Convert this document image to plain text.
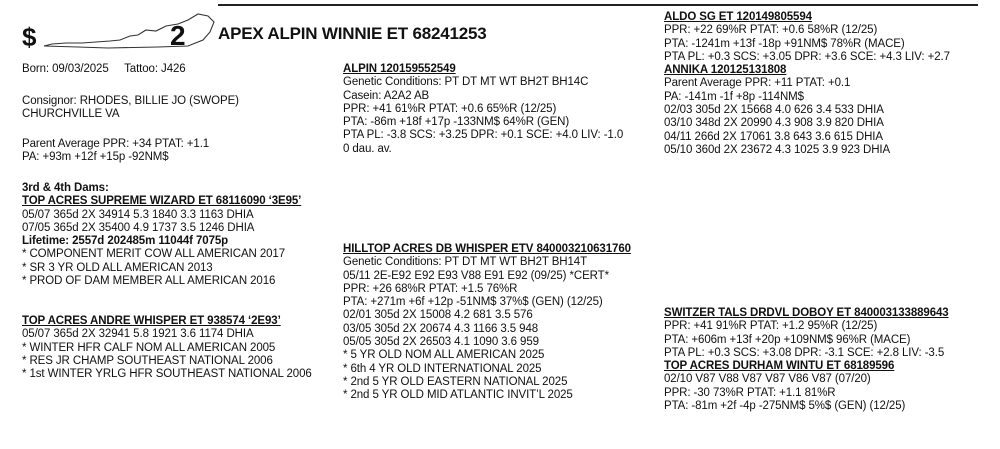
$	2 APEX ALPIN WINNIE ET 68241253
Born: 09/03/2025 Tattoo: J426
Consignor: RHODES, BILLIE JO (SWOPE)
CHURCHVILLE VA
Parent Average PPR: +34 PTAT: +1.1
PA: +93m +12f +15p -92NM$
3rd & 4th Dams:
TOP ACRES SUPREME WIZARD ET 68116090 ‘3E95’
05/07 365d 2X 34914 5.3 1840 3.3 1163 DHIA
07/05 365d 2X 35400 4.9 1737 3.5 1246 DHIA
Lifetime: 2557d 202485m 11044f 7075p
* COMPONENT MERIT COW ALL AMERICAN 2017
* SR 3 YR OLD ALL AMERICAN 2013
* PROD OF DAM MEMBER ALL AMERICAN 2016
TOP ACRES ANDRE WHISPER ET 938574 ‘2E93’
05/07 365d 2X 32941 5.8 1921 3.6 1174 DHIA
* WINTER HFR CALF NOM ALL AMERICAN 2005
* RES JR CHAMP SOUTHEAST NATIONAL 2006
* 1st WINTER YRLG HFR SOUTHEAST NATIONAL 2006
ALPIN 120159552549
Genetic Conditions: PT DT MT WT BH2T BH14C
Casein: A2A2 AB
PPR: +41 61%R PTAT: +0.6 65%R (12/25)
PTA: -86m +18f +17p -133NM$ 64%R (GEN)
PTA PL: -3.8 SCS: +3.25 DPR: +0.1 SCE: +4.0 LIV: -1.0
0 dau. av.
HILLTOP ACRES DB WHISPER ETV 840003210631760
Genetic Conditions: PT DT MT WT BH2T BH14T
05/11 2E-E92 E92 E93 V88 E91 E92 (09/25) *CERT*
PPR: +26 68%R PTAT: +1.5 76%R
PTA: +271m +6f +12p -51NM$ 37%$ (GEN) (12/25)
02/01 305d 2X 15008 4.2 681 3.5 576
03/05 305d 2X 20674 4.3 1166 3.5 948
05/05 305d 2X 26503 4.1 1090 3.6 959
* 5 YR OLD NOM ALL AMERICAN 2025
* 6th 4 YR OLD INTERNATIONAL 2025
* 2nd 5 YR OLD EASTERN NATIONAL 2025
* 2nd 5 YR OLD MID ATLANTIC INVIT’L 2025
ALDO SG ET 120149805594
PPR: +22 69%R PTAT: +0.6 58%R (12/25)
PTA: -1241m +13f -18p +91NM$ 78%R (MACE)
PTA PL: +0.3 SCS: +3.05 DPR: +3.6 SCE: +4.3 LIV: +2.7
ANNIKA 120125131808
Parent Average PPR: +11 PTAT: +0.1
PA: -141m -1f +8p -114NM$
02/03 305d 2X 15668 4.0 626 3.4 533 DHIA
03/10 348d 2X 20990 4.3 908 3.9 820 DHIA
04/11 266d 2X 17061 3.8 643 3.6 615 DHIA
05/10 360d 2X 23672 4.3 1025 3.9 923 DHIA
SWITZER TALS DRDVL DOBOY ET 840003133889643
PPR: +41 91%R PTAT: +1.2 95%R (12/25)
PTA: +606m +13f +20p +109NM$ 96%R (MACE)
PTA PL: +0.3 SCS: +3.08 DPR: -3.1 SCE: +2.8 LIV: -3.5
TOP ACRES DURHAM WINTU ET 68189596
02/10 V87 V88 V87 V87 V86 V87 (07/20)
PPR: -30 73%R PTAT: +1.1 81%R
PTA: -81m +2f -4p -275NM$ 5%$ (GEN) (12/25)
